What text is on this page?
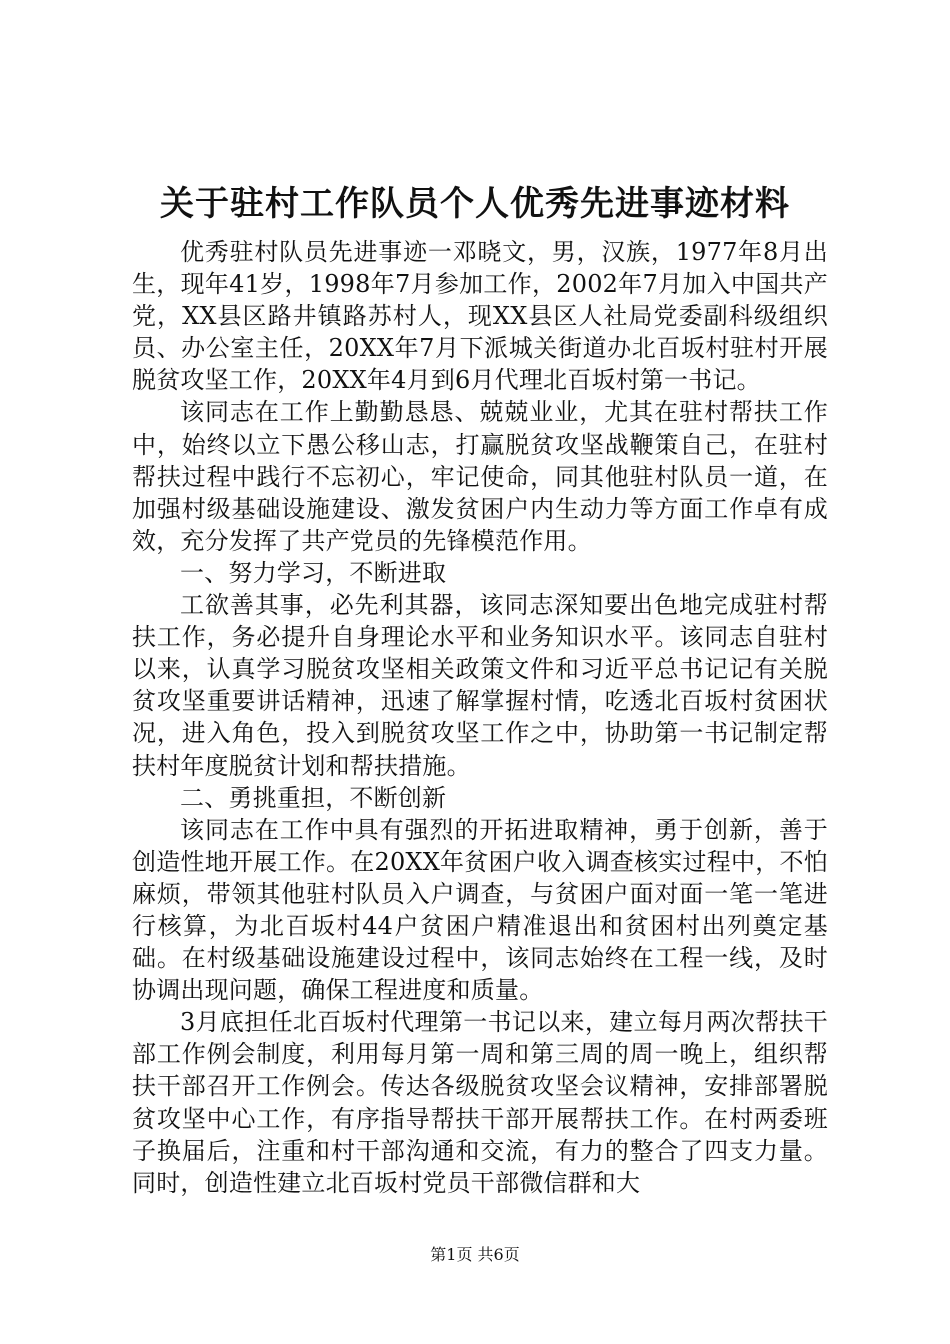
关于驻村工作队员个人优秀先进事迹材料

优秀驻村队员先进事迹一邓晓文，男，汉族，1977年8月出生，现年41岁，1998年7月参加工作，2002年7月加入中国共产党，XX县区路井镇路苏村人，现XX县区人社局党委副科级组织员、办公室主任，20XX年7月下派城关街道办北百坂村驻村开展脱贫攻坚工作，20XX年4月到6月代理北百坂村第一书记。

该同志在工作上勤勤恳恳、兢兢业业，尤其在驻村帮扶工作中，始终以立下愚公移山志，打赢脱贫攻坚战鞭策自己，在驻村帮扶过程中践行不忘初心，牢记使命，同其他驻村队员一道，在加强村级基础设施建设、激发贫困户内生动力等方面工作卓有成效，充分发挥了共产党员的先锋模范作用。

一、努力学习，不断进取

工欲善其事，必先利其器，该同志深知要出色地完成驻村帮扶工作，务必提升自身理论水平和业务知识水平。该同志自驻村以来，认真学习脱贫攻坚相关政策文件和习近平总书记记有关脱贫攻坚重要讲话精神，迅速了解掌握村情，吃透北百坂村贫困状况，进入角色，投入到脱贫攻坚工作之中，协助第一书记制定帮扶村年度脱贫计划和帮扶措施。

二、勇挑重担，不断创新

该同志在工作中具有强烈的开拓进取精神，勇于创新，善于创造性地开展工作。在20XX年贫困户收入调查核实过程中，不怕麻烦，带领其他驻村队员入户调查，与贫困户面对面一笔一笔进行核算，为北百坂村44户贫困户精准退出和贫困村出列奠定基础。在村级基础设施建设过程中，该同志始终在工程一线，及时协调出现问题，确保工程进度和质量。

3月底担任北百坂村代理第一书记以来，建立每月两次帮扶干部工作例会制度，利用每月第一周和第三周的周一晚上，组织帮扶干部召开工作例会。传达各级脱贫攻坚会议精神，安排部署脱贫攻坚中心工作，有序指导帮扶干部开展帮扶工作。在村两委班子换届后，注重和村干部沟通和交流，有力的整合了四支力量。同时，创造性建立北百坂村党员干部微信群和大

第1页 共6页
